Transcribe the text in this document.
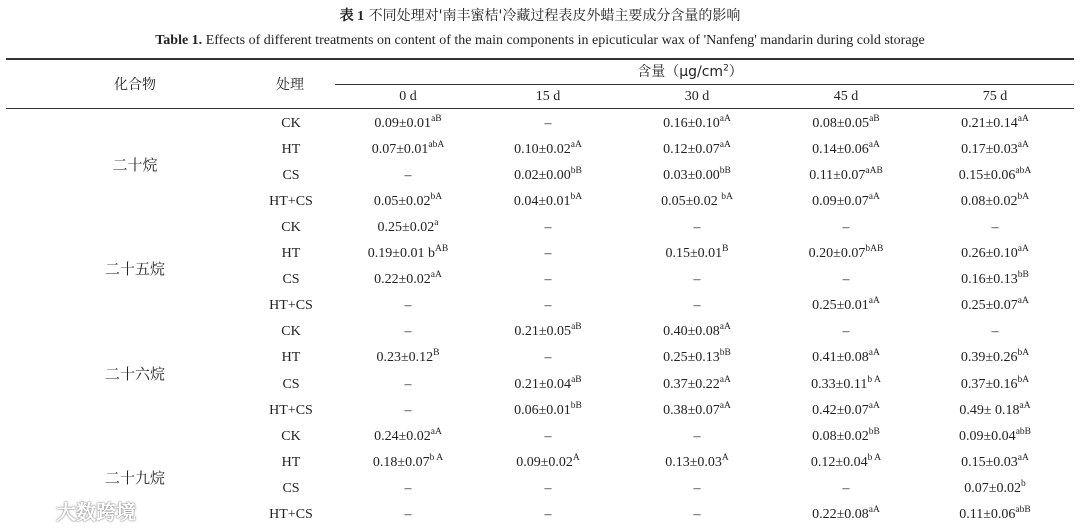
表 1 不同处理对'南丰蜜桔'冷藏过程表皮外蜡主要成分含量的影响
Table 1. Effects of different treatments on content of the main components in epicuticular wax of 'Nanfeng' mandarin during cold storage
化合物	处理
含量$(\mu g/cm^2)$
0 d	15 d	30 d	45 d	75 d
二十烷
CK	$0.09\pm 0.01^{aB}$	–	$0.16\pm 0.10^{aA}$	$0.08\pm 0.05^{aB}$	$0.21\pm 0.14^{aA}$
HT	$0.07\pm 0.01^{abA}$	$0.10\pm 0.02^{aA}$	$0.12\pm 0.07^{aA}$	$0.14\pm 0.06^{aA}$	$0.17\pm 0.03^{aA}$
CS	–	$0.02\pm 0.00^{bB}$	$0.03\pm 0.00^{bB}$	$0.11\pm 0.07^{aAB}$	$0.15\pm 0.06^{abA}$
HT+CS	$0.05\pm 0.02^{bA}$	$0.04\pm 0.01^{bA}$	0.05±0.02 $^{bA}$	$0.09\pm 0.07^{aA}$	$0.08\pm 0.02^{bA}$
二十五烷
CK	0.25±0.02$^a$	–	–	–	–
HT	0.19±0.01 $b^{AB}$	–	$0.15\pm 0.01^B$	$0.20\pm 0.07^{bAB}$	$0.26\pm 0.10^{aA}$
CS	$0.22\pm 0.02^{aA}$	–	–	–	$0.16\pm 0.13^{bB}$
HT+CS	–	–	–	$0.25\pm 0.01^{aA}$	$0.25\pm 0.07^{aA}$
二十六烷
CK	–	$0.21\pm 0.05^{aB}$	$0.40\pm 0.08^{aA}$	–	–
HT	$0.23\pm 0.12^B$	–	$0.25\pm 0.13^{bB}$	$0.41\pm 0.08^{aA}$	$0.39\pm 0.26^{bA}$
CS	–	$0.21\pm 0.04^{aB}$	$0.37\pm 0.22^{aA}$	$0.33\pm 0.11^{b A}$	$0.37\pm 0.16^{bA}$
HT+CS	–	$0.06\pm 0.01^{bB}$	$0.38\pm 0.07^{aA}$	$0.42\pm 0.07^{aA}$	$0.49\pm 0.18^{aA}$
二十九烷
CK	$0.24\pm 0.02^{aA}$	–	–	$0.08\pm 0.02^{bB}$	$0.09\pm 0.04^{abB}$
HT	$0.18\pm 0.07^{b A}$	$0.09\pm 0.02^A$	$0.13\pm 0.03^A$	$0.12\pm 0.04^{b A}$	$0.15\pm 0.03^{aA}$
CS	–	–	–	–	0.07±0.02$^b$
HT+CS	–	–	–	$0.22\pm 0.08^{aA}$	$0.11\pm 0.06^{abB}$
大数跨境
